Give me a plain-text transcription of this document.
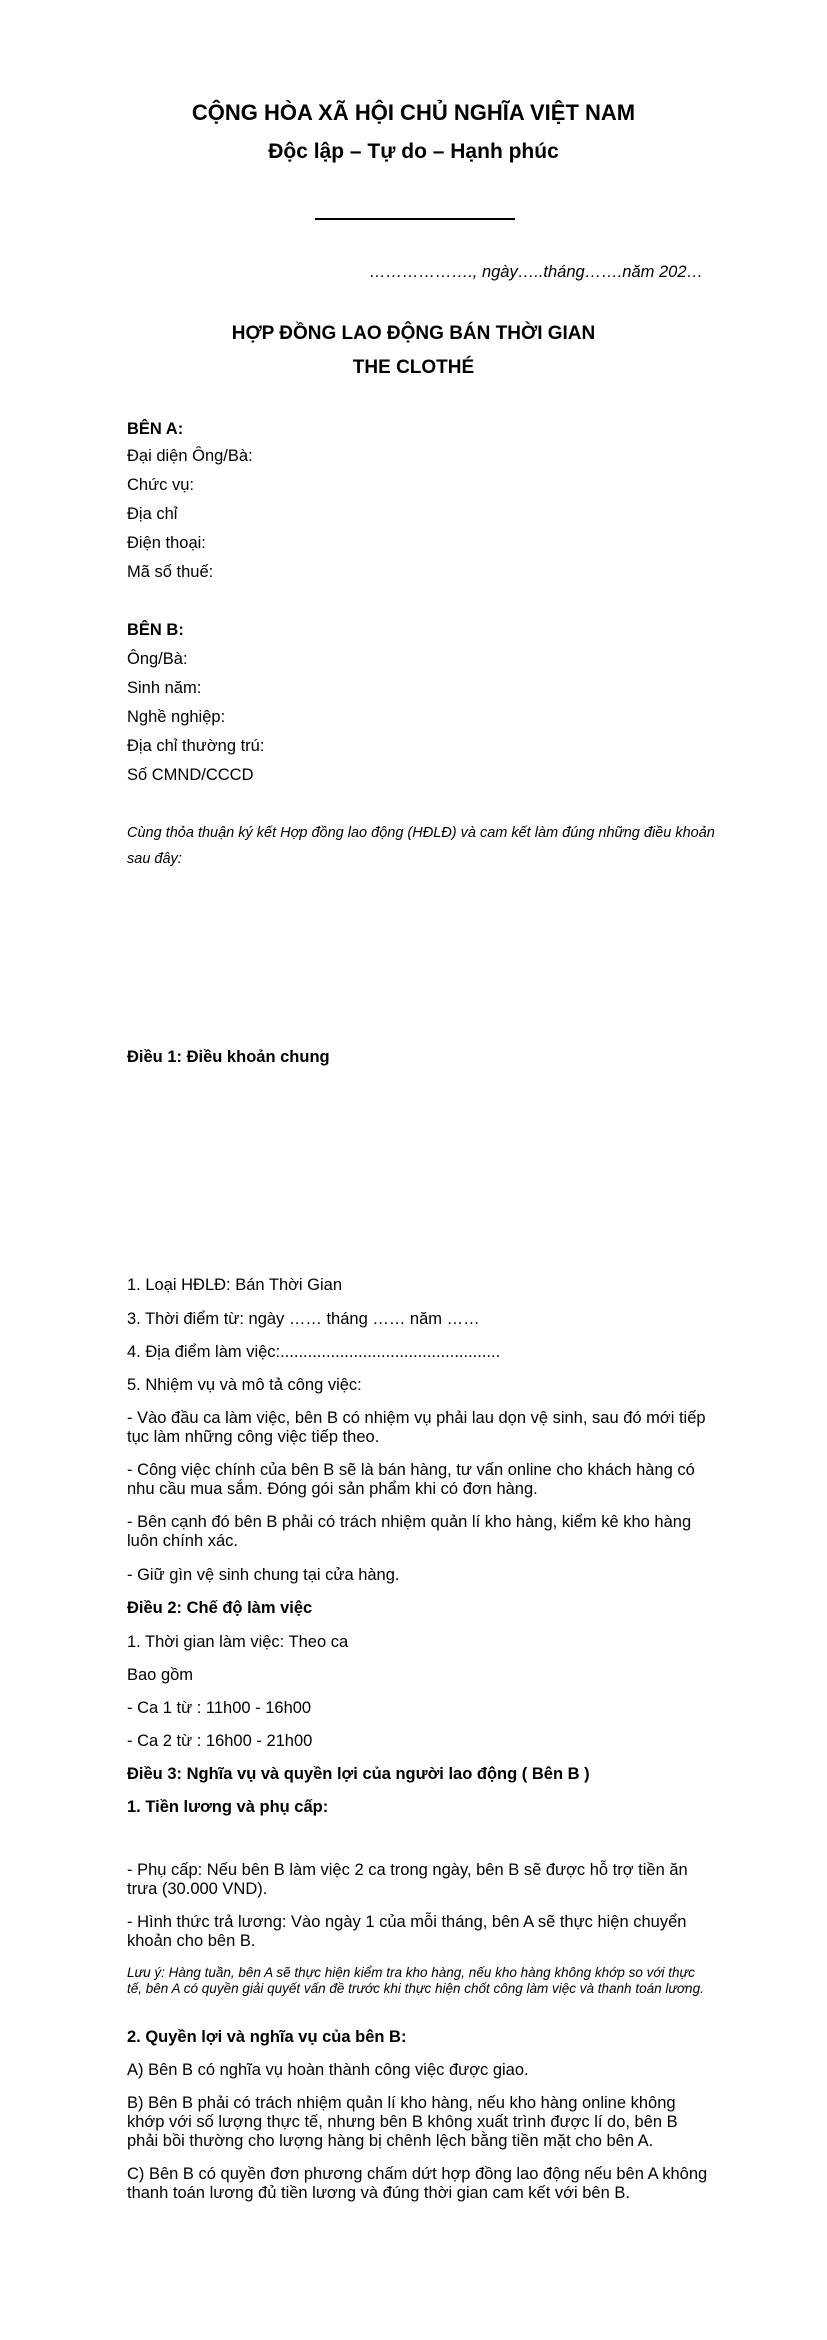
CỘNG HÒA XÃ HỘI CHỦ NGHĨA VIỆT NAM
Độc lập – Tự do – Hạnh phúc
………………., ngày…..tháng…….năm 202…
HỢP ĐỒNG LAO ĐỘNG BÁN THỜI GIAN
THE CLOTHÉ
BÊN A:
Đại diện Ông/Bà:
Chức vụ:
Địa chỉ
Điện thoại:
Mã số thuế:
BÊN B:
Ông/Bà:
Sinh năm:
Nghề nghiệp:
Địa chỉ thường trú:
Số CMND/CCCD
Cùng thỏa thuận ký kết Hợp đồng lao động (HĐLĐ) và cam kết làm đúng những điều khoản sau đây:
Điều 1: Điều khoản chung
1. Loại HĐLĐ: Bán Thời Gian
3. Thời điểm từ: ngày …… tháng …… năm ……
4. Địa điểm làm việc:................................................
5. Nhiệm vụ và mô tả công việc:
- Vào đầu ca làm việc, bên B có nhiệm vụ phải lau dọn vệ sinh, sau đó mới tiếp tục làm những công việc tiếp theo.
- Công việc chính của bên B sẽ là bán hàng, tư vấn online cho khách hàng có nhu cầu mua sắm. Đóng gói sản phẩm khi có đơn hàng.
- Bên cạnh đó bên B phải có trách nhiệm quản lí kho hàng, kiểm kê kho hàng luôn chính xác.
- Giữ gìn vệ sinh chung tại cửa hàng.
Điều 2: Chế độ làm việc
1. Thời gian làm việc: Theo ca
Bao gồm
- Ca 1 từ : 11h00 - 16h00
- Ca 2 từ : 16h00 - 21h00
Điều 3: Nghĩa vụ và quyền lợi của người lao động ( Bên B )
1. Tiền lương và phụ cấp:
- Phụ cấp: Nếu bên B làm việc 2 ca trong ngày, bên B sẽ được hỗ trợ tiền ăn trưa (30.000 VND).
- Hình thức trả lương: Vào ngày 1 của mỗi tháng, bên A sẽ thực hiện chuyển khoản cho bên B.
Lưu ý: Hàng tuần, bên A sẽ thực hiện kiểm tra kho hàng, nếu kho hàng không khớp so với thực tế, bên A có quyền giải quyết vấn đề trước khi thực hiện chốt công làm việc và thanh toán lương.
2. Quyền lợi và nghĩa vụ của bên B:
A) Bên B có nghĩa vụ hoàn thành công việc được giao.
B) Bên B phải có trách nhiệm quản lí kho hàng, nếu kho hàng online không khớp với số lượng thực tế, nhưng bên B không xuất trình được lí do, bên B phải bồi thường cho lượng hàng bị chênh lệch bằng tiền mặt cho bên A.
C) Bên B có quyền đơn phương chấm dứt hợp đồng lao động nếu bên A không thanh toán lương đủ tiền lương và đúng thời gian cam kết với bên B.
